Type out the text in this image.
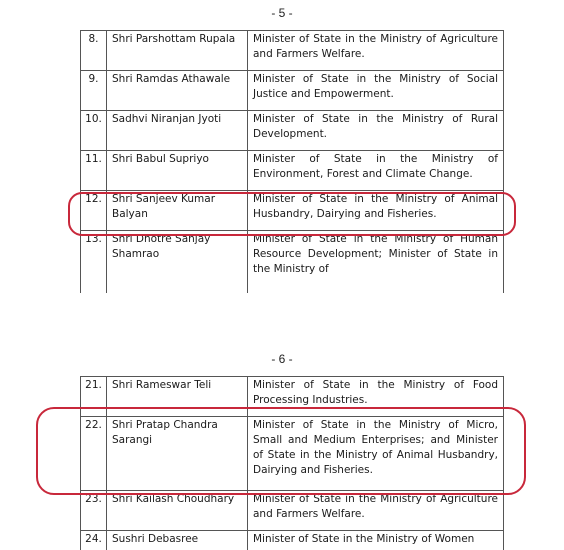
- 5 -
8.	Shri Parshottam Rupala	Minister of State in the Ministry of Agriculture and Farmers Welfare.
9.	Shri Ramdas Athawale	Minister of State in the Ministry of Social Justice and Empowerment.
10.	Sadhvi Niranjan Jyoti	Minister of State in the Ministry of Rural Development.
11.	Shri Babul Supriyo	Minister of State in the Ministry of Environment, Forest and Climate Change.
12.	Shri Sanjeev Kumar Balyan	Minister of State in the Ministry of Animal Husbandry, Dairying and Fisheries.
13.	Shri Dhotre Sanjay Shamrao	Minister of State in the Ministry of Human Resource Development; Minister of State in the Ministry of
- 6 -
21.	Shri Rameswar Teli	Minister of State in the Ministry of Food Processing Industries.
22.	Shri Pratap Chandra Sarangi	Minister of State in the Ministry of Micro, Small and Medium Enterprises; and Minister of State in the Ministry of Animal Husbandry, Dairying and Fisheries.
23.	Shri Kailash Choudhary	Minister of State in the Ministry of Agriculture and Farmers Welfare.
24.	Sushri Debasree	Minister of State in the Ministry of Women
